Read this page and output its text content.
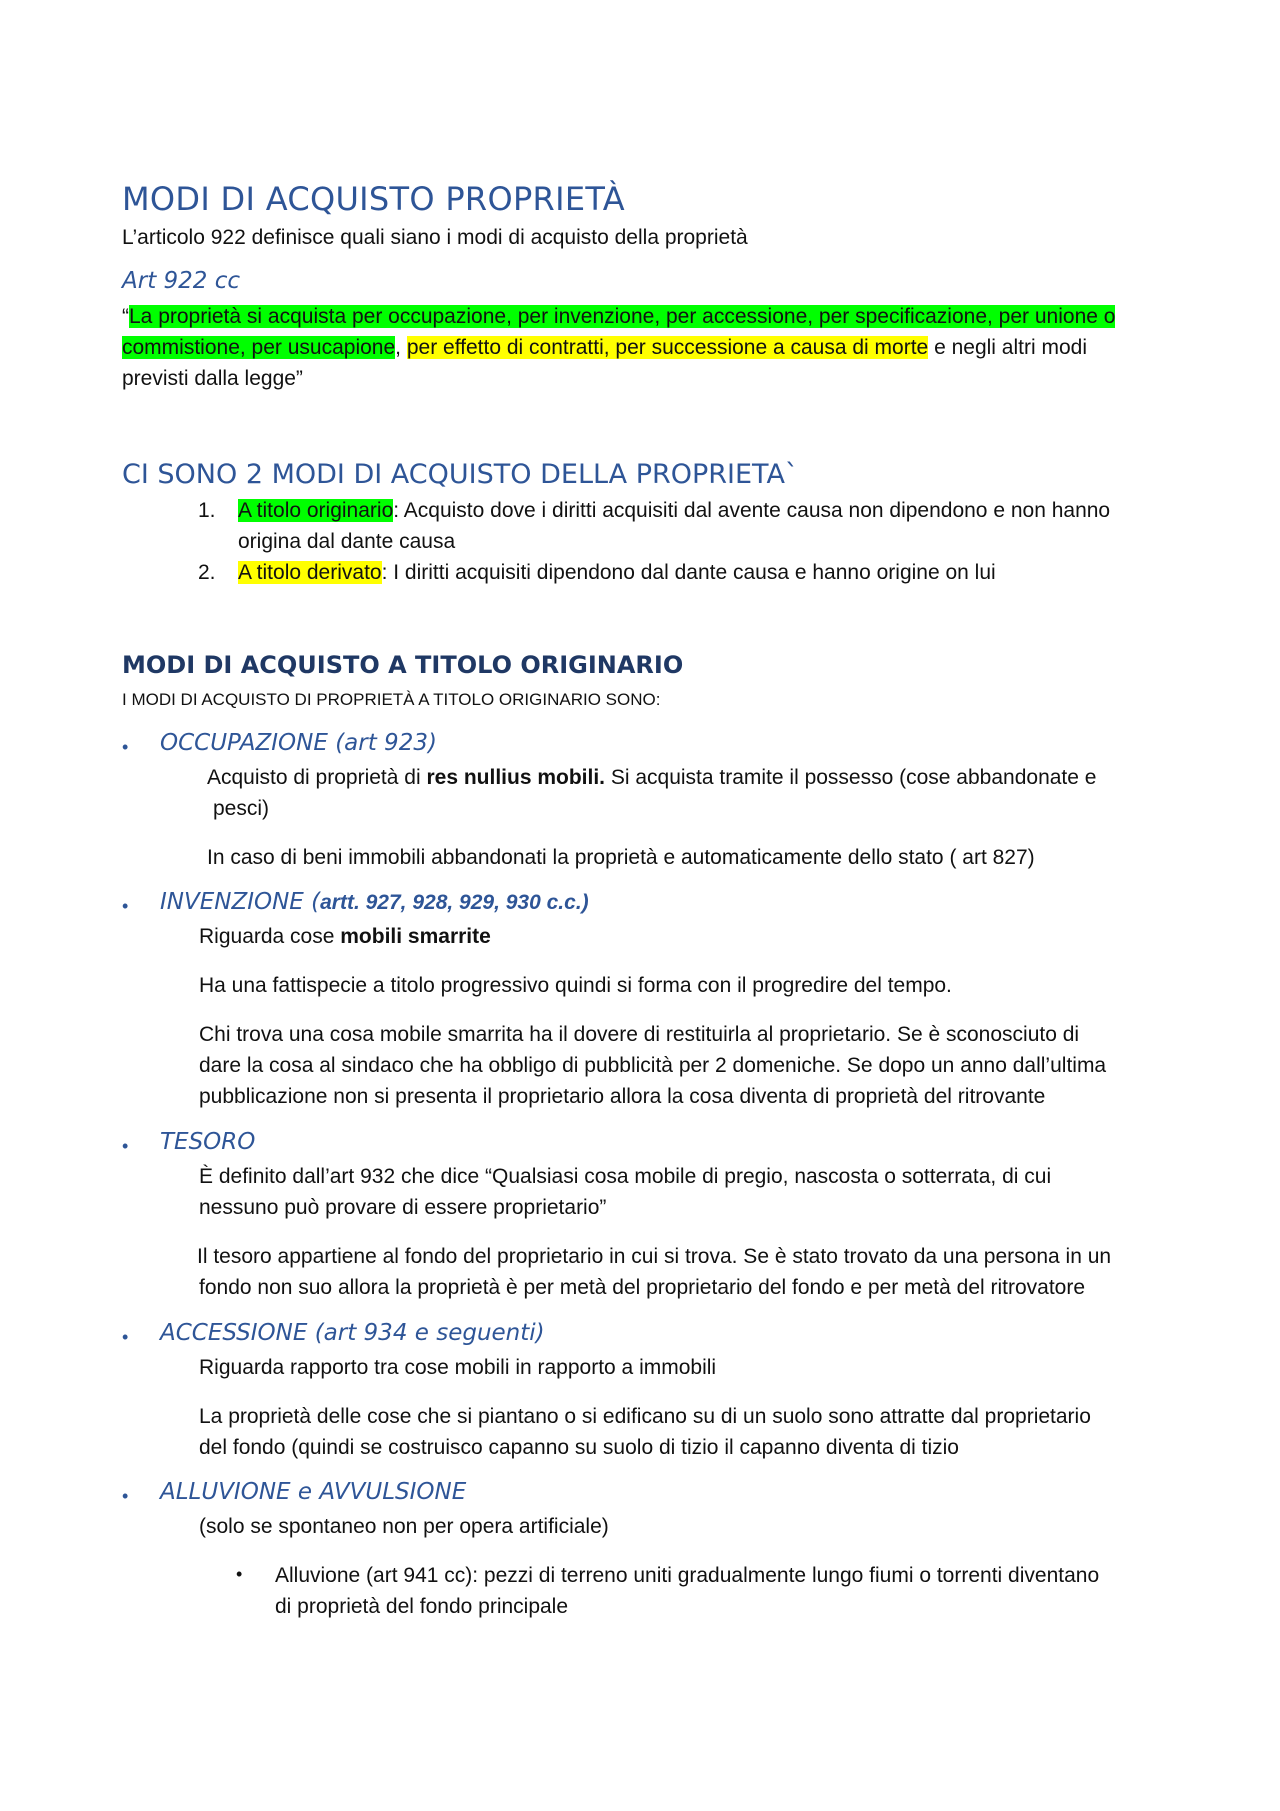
MODI DI ACQUISTO PROPRIETÀ
L’articolo 922 definisce quali siano i modi di acquisto della proprietà
Art 922 cc
“La proprietà si acquista per occupazione, per invenzione, per accessione, per specificazione, per unione o
commistione, per usucapione, per effetto di contratti, per successione a causa di morte e negli altri modi
previsti dalla legge”
CI SONO 2 MODI DI ACQUISTO DELLA PROPRIETA`
1. A titolo originario: Acquisto dove i diritti acquisiti dal avente causa non dipendono e non hanno
origina dal dante causa
2. A titolo derivato: I diritti acquisiti dipendono dal dante causa e hanno origine on lui
MODI DI ACQUISTO A TITOLO ORIGINARIO
I MODI DI ACQUISTO DI PROPRIETÀ A TITOLO ORIGINARIO SONO:
• OCCUPAZIONE (art 923)
Acquisto di proprietà di res nullius mobili. Si acquista tramite il possesso (cose abbandonate e
pesci)
In caso di beni immobili abbandonati la proprietà e automaticamente dello stato ( art 827)
• INVENZIONE (artt. 927, 928, 929, 930 c.c.)
Riguarda cose mobili smarrite
Ha una fattispecie a titolo progressivo quindi si forma con il progredire del tempo.
Chi trova una cosa mobile smarrita ha il dovere di restituirla al proprietario. Se è sconosciuto di
dare la cosa al sindaco che ha obbligo di pubblicità per 2 domeniche. Se dopo un anno dall’ultima
pubblicazione non si presenta il proprietario allora la cosa diventa di proprietà del ritrovante
• TESORO
È definito dall’art 932 che dice “Qualsiasi cosa mobile di pregio, nascosta o sotterrata, di cui
nessuno può provare di essere proprietario”
Il tesoro appartiene al fondo del proprietario in cui si trova. Se è stato trovato da una persona in un
fondo non suo allora la proprietà è per metà del proprietario del fondo e per metà del ritrovatore
• ACCESSIONE (art 934 e seguenti)
Riguarda rapporto tra cose mobili in rapporto a immobili
La proprietà delle cose che si piantano o si edificano su di un suolo sono attratte dal proprietario
del fondo (quindi se costruisco capanno su suolo di tizio il capanno diventa di tizio
• ALLUVIONE e AVVULSIONE
(solo se spontaneo non per opera artificiale)
• Alluvione (art 941 cc): pezzi di terreno uniti gradualmente lungo fiumi o torrenti diventano
di proprietà del fondo principale
